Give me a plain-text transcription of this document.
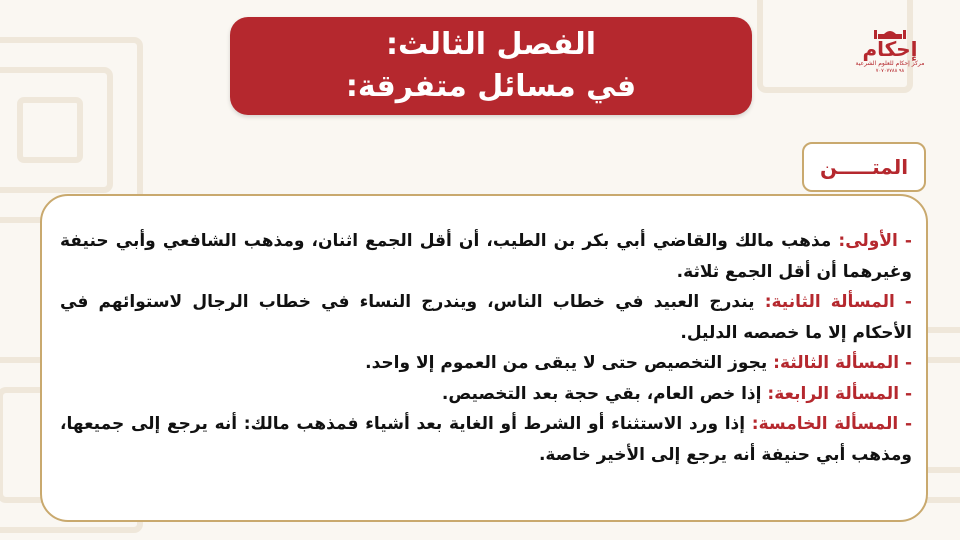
الفصل الثالث:
في مسائل متفرقة:
إحكام
مركز إحكام للعلوم الشرعية
٩٨ ٧٠٧٠٧٧٨٨
المتـــــن

- الأولى: مذهب مالك والقاضي أبي بكر بن الطيب، أن أقل الجمع اثنان، ومذهب الشافعي وأبي حنيفة وغيرهما أن أقل الجمع ثلاثة.

- المسألة الثانية: يندرج العبيد في خطاب الناس، ويندرج النساء في خطاب الرجال لاستوائهم في الأحكام إلا ما خصصه الدليل.

- المسألة الثالثة: يجوز التخصيص حتى لا يبقى من العموم إلا واحد.

- المسألة الرابعة: إذا خص العام، بقي حجة بعد التخصيص.

- المسألة الخامسة: إذا ورد الاستثناء أو الشرط أو الغاية بعد أشياء فمذهب مالك: أنه يرجع إلى جميعها، ومذهب أبي حنيفة أنه يرجع إلى الأخير خاصة.
